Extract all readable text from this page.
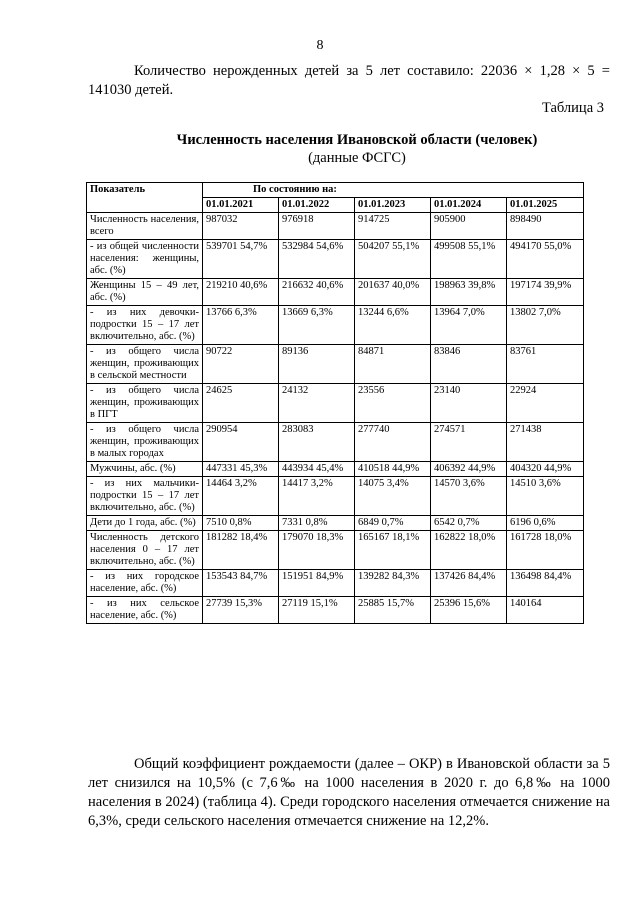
8

Количество нерожденных детей за 5 лет составило: 22036 × 1,28 × 5 = 141030 детей.

Таблица 3
Численность населения Ивановской области (человек)
(данные ФСГС)
Показатель	По состоянию на:				
	01.01.2021	01.01.2022	01.01.2023	01.01.2024	01.01.2025
Численность населения, всего	987032	976918	914725	905900	898490
- из общей численности населения: женщины, абс. (%)	539701 54,7%	532984 54,6%	504207 55,1%	499508 55,1%	494170 55,0%
Женщины 15 – 49 лет, абс. (%)	219210 40,6%	216632 40,6%	201637 40,0%	198963 39,8%	197174 39,9%
- из них девочки-подростки 15 – 17 лет включительно, абс. (%)	13766 6,3%	13669 6,3%	13244 6,6%	13964 7,0%	13802 7,0%
- из общего числа женщин, проживающих в сельской местности	90722	89136	84871	83846	83761
- из общего числа женщин, проживающих в ПГТ	24625	24132	23556	23140	22924
- из общего числа женщин, проживающих в малых городах	290954	283083	277740	274571	271438
Мужчины, абс. (%)	447331 45,3%	443934 45,4%	410518 44,9%	406392 44,9%	404320 44,9%
- из них мальчики-подростки 15 – 17 лет включительно, абс. (%)	14464 3,2%	14417 3,2%	14075 3,4%	14570 3,6%	14510 3,6%
Дети до 1 года, абс. (%)	7510 0,8%	7331 0,8%	6849 0,7%	6542 0,7%	6196 0,6%
Численность детского населения 0 – 17 лет включительно, абс. (%)	181282 18,4%	179070 18,3%	165167 18,1%	162822 18,0%	161728 18,0%
- из них городское население, абс. (%)	153543 84,7%	151951 84,9%	139282 84,3%	137426 84,4%	136498 84,4%
- из них сельское население, абс. (%)	27739 15,3%	27119 15,1%	25885 15,7%	25396 15,6%	140164

Общий коэффициент рождаемости (далее – ОКР) в Ивановской области за 5 лет снизился на 10,5% (с 7,6‰ на 1000 населения в 2020 г. до 6,8‰ на 1000 населения в 2024) (таблица 4). Среди городского населения отмечается снижение на 6,3%, среди сельского населения отмечается снижение на 12,2%.
